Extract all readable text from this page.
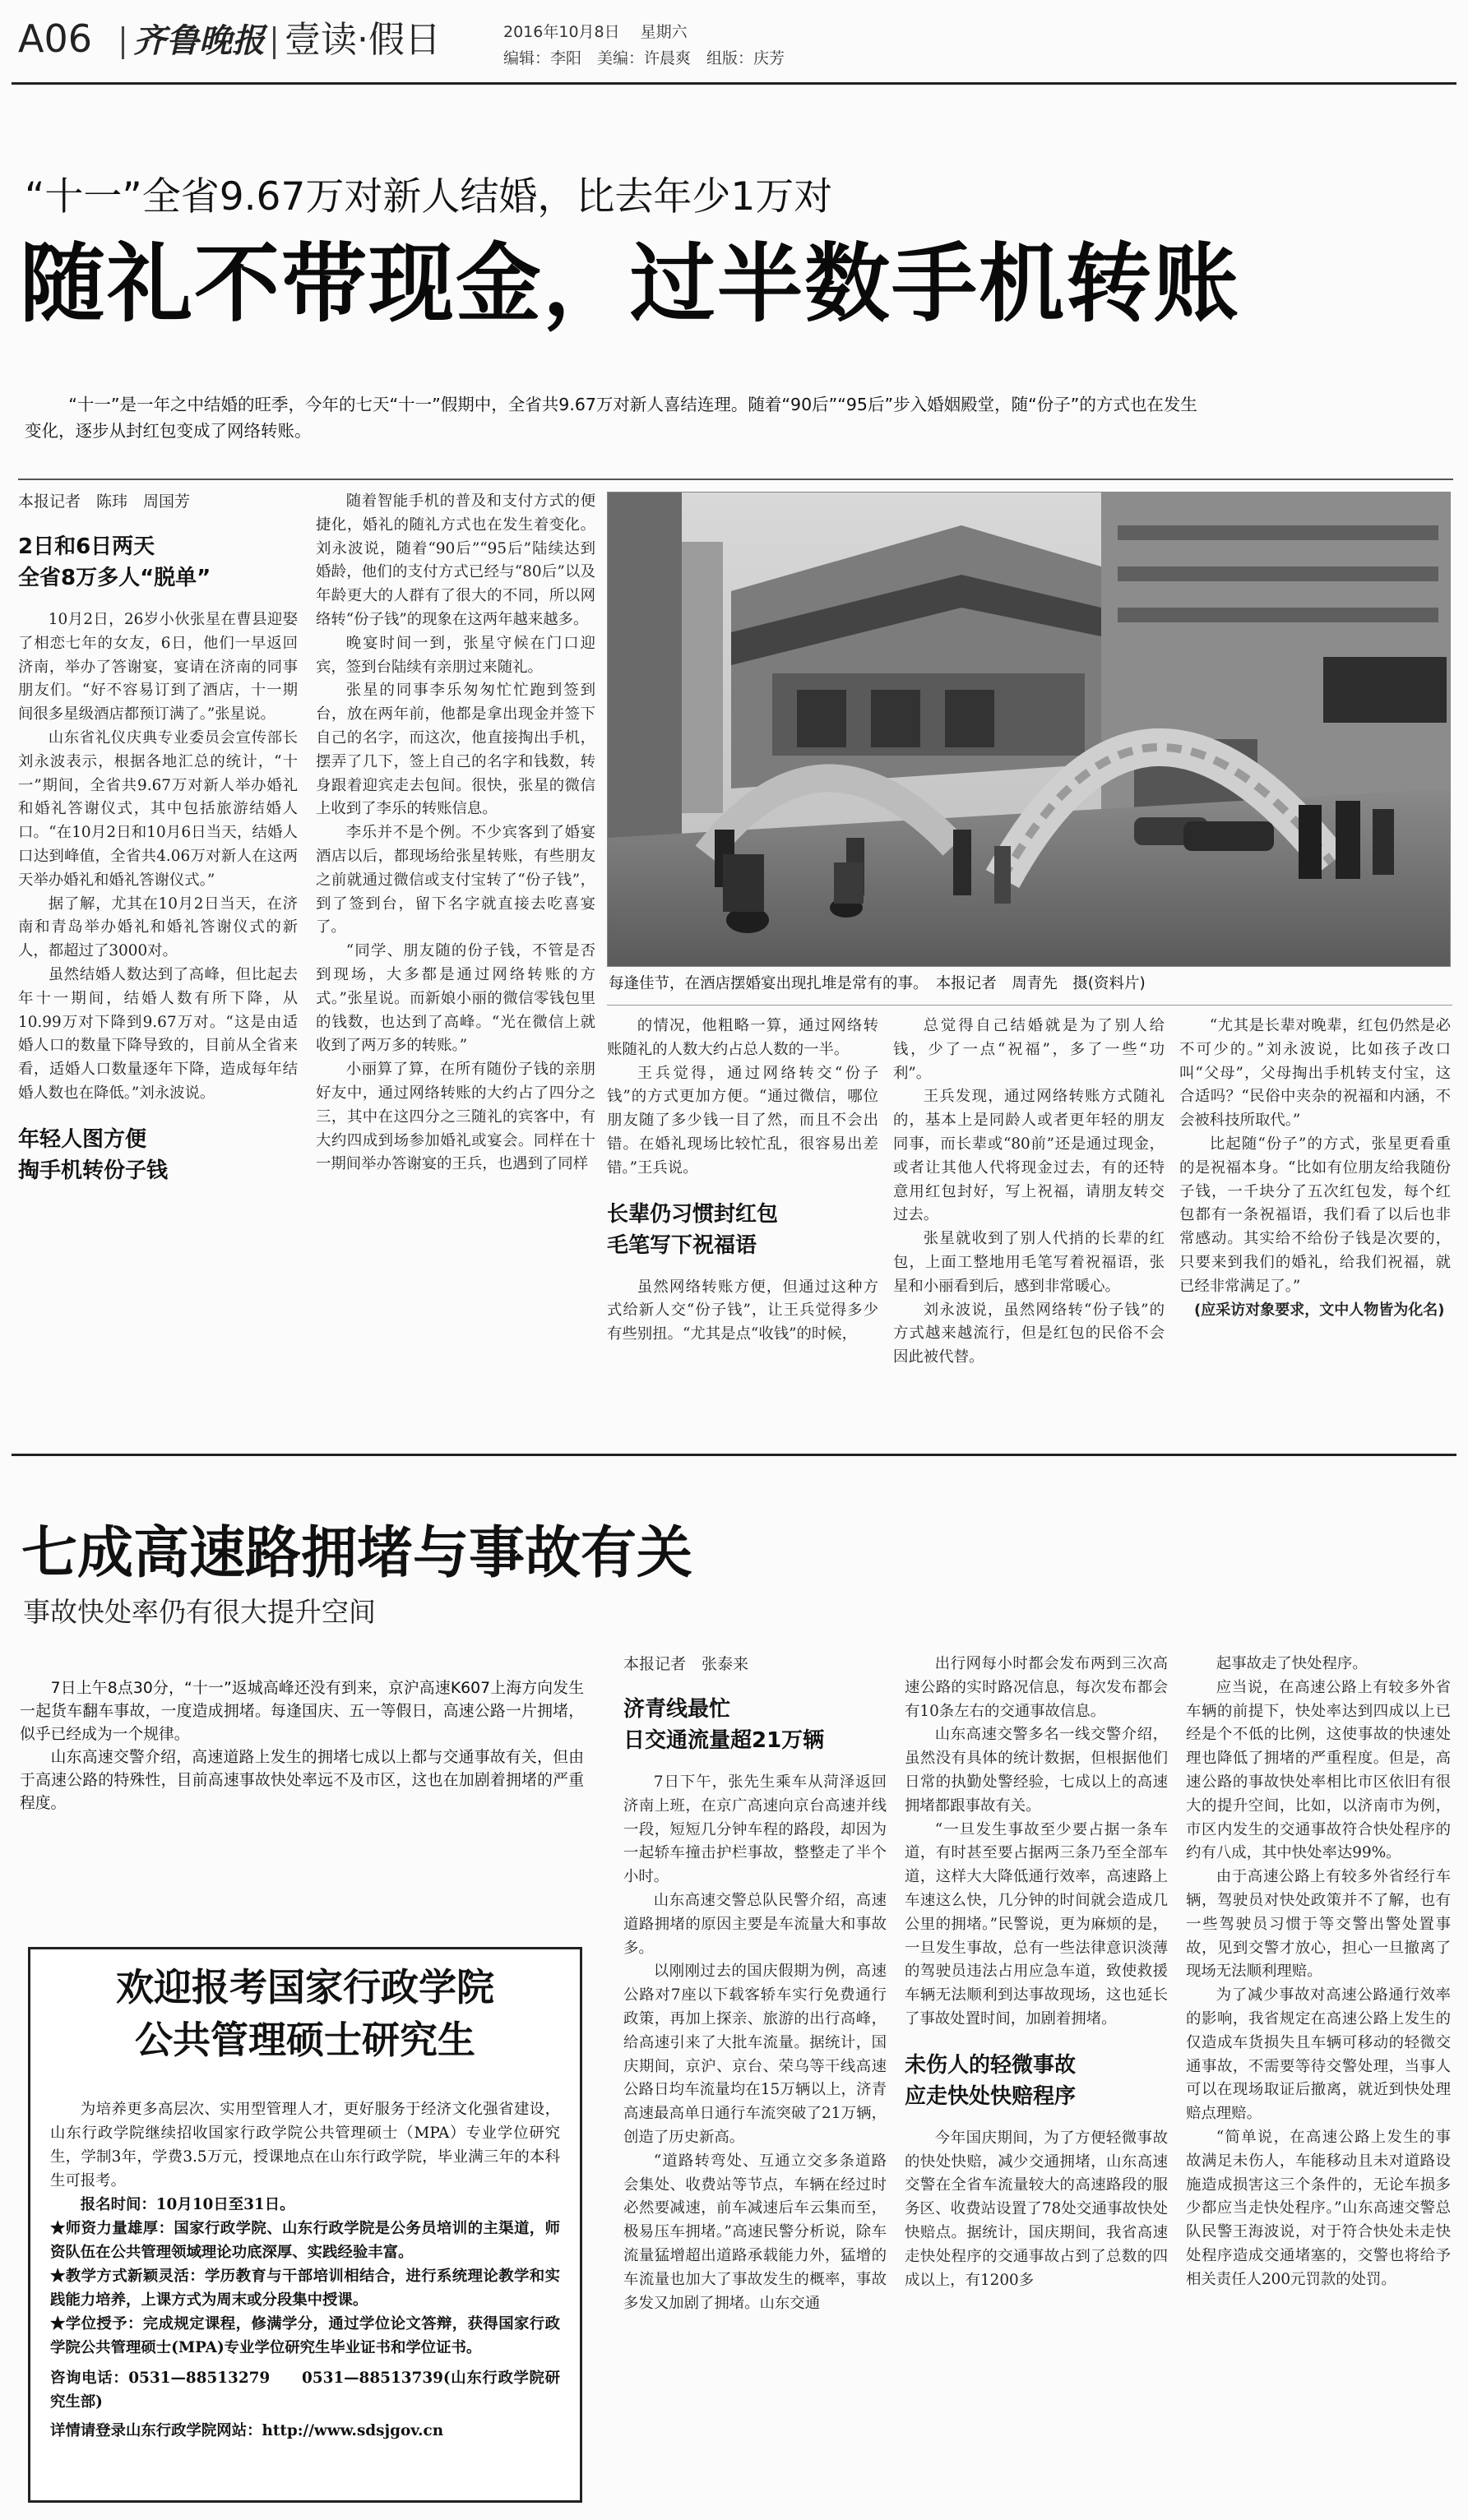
A06 齐鲁晚报 壹读·假日	2016年10月8日　 星期六
编辑：李阳　美编：许晨爽　组版：庆芳
“十一”全省9.67万对新人结婚，比去年少1万对
随礼不带现金，过半数手机转账
“十一”是一年之中结婚的旺季，今年的七天“十一”假期中，全省共9.67万对新人喜结连理。随着“90后”“95后”步入婚姻殿堂，随“份子”的方式也在发生变化，逐步从封红包变成了网络转账。
本报记者　陈玮　周国芳
2日和6日两天
全省8万多人“脱单”

10月2日，26岁小伙张星在曹县迎娶了相恋七年的女友，6日，他们一早返回济南，举办了答谢宴，宴请在济南的同事朋友们。“好不容易订到了酒店，十一期间很多星级酒店都预订满了。”张星说。

山东省礼仪庆典专业委员会宣传部长刘永波表示，根据各地汇总的统计，“十一”期间，全省共9.67万对新人举办婚礼和婚礼答谢仪式，其中包括旅游结婚人口。“在10月2日和10月6日当天，结婚人口达到峰值，全省共4.06万对新人在这两天举办婚礼和婚礼答谢仪式。”

据了解，尤其在10月2日当天，在济南和青岛举办婚礼和婚礼答谢仪式的新人，都超过了3000对。

虽然结婚人数达到了高峰，但比起去年十一期间，结婚人数有所下降，从10.99万对下降到9.67万对。“这是由适婚人口的数量下降导致的，目前从全省来看，适婚人口数量逐年下降，造成每年结婚人数也在降低。”刘永波说。

年轻人图方便
掏手机转份子钱

随着智能手机的普及和支付方式的便捷化，婚礼的随礼方式也在发生着变化。刘永波说，随着“90后”“95后”陆续达到婚龄，他们的支付方式已经与“80后”以及年龄更大的人群有了很大的不同，所以网络转“份子钱”的现象在这两年越来越多。

晚宴时间一到，张星守候在门口迎宾，签到台陆续有亲朋过来随礼。

张星的同事李乐匆匆忙忙跑到签到台，放在两年前，他都是拿出现金并签下自己的名字，而这次，他直接掏出手机，摆弄了几下，签上自己的名字和钱数，转身跟着迎宾走去包间。很快，张星的微信上收到了李乐的转账信息。

李乐并不是个例。不少宾客到了婚宴酒店以后，都现场给张星转账，有些朋友之前就通过微信或支付宝转了“份子钱”，到了签到台，留下名字就直接去吃喜宴了。

“同学、朋友随的份子钱，不管是否到现场，大多都是通过网络转账的方式。”张星说。而新娘小丽的微信零钱包里的钱数，也达到了高峰。“光在微信上就收到了两万多的转账。”

小丽算了算，在所有随份子钱的亲朋好友中，通过网络转账的大约占了四分之三，其中在这四分之三随礼的宾客中，有大约四成到场参加婚礼或宴会。同样在十一期间举办答谢宴的王兵，也遇到了同样

每逢佳节，在酒店摆婚宴出现扎堆是常有的事。　本报记者　周青先　摄(资料片)

的情况，他粗略一算，通过网络转账随礼的人数大约占总人数的一半。

王兵觉得，通过网络转交“份子钱”的方式更加方便。“通过微信，哪位朋友随了多少钱一目了然，而且不会出错。在婚礼现场比较忙乱，很容易出差错。”王兵说。

长辈仍习惯封红包
毛笔写下祝福语

虽然网络转账方便，但通过这种方式给新人交“份子钱”，让王兵觉得多少有些别扭。“尤其是点“收钱”的时候，

总觉得自己结婚就是为了别人给钱，少了一点“祝福”，多了一些“功利”。

王兵发现，通过网络转账方式随礼的，基本上是同龄人或者更年轻的朋友同事，而长辈或“80前”还是通过现金，或者让其他人代将现金过去，有的还特意用红包封好，写上祝福，请朋友转交过去。

张星就收到了别人代捎的长辈的红包，上面工整地用毛笔写着祝福语，张星和小丽看到后，感到非常暖心。

刘永波说，虽然网络转“份子钱”的方式越来越流行，但是红包的民俗不会因此被代替。

“尤其是长辈对晚辈，红包仍然是必不可少的。”刘永波说，比如孩子改口叫“父母”，父母掏出手机转支付宝，这合适吗？“民俗中夹杂的祝福和内涵，不会被科技所取代。”

比起随“份子”的方式，张星更看重的是祝福本身。“比如有位朋友给我随份子钱，一千块分了五次红包发，每个红包都有一条祝福语，我们看了以后也非常感动。其实给不给份子钱是次要的，只要来到我们的婚礼，给我们祝福，就已经非常满足了。”

(应采访对象要求，文中人物皆为化名)

七成高速路拥堵与事故有关
事故快处率仍有很大提升空间

7日上午8点30分，“十一”返城高峰还没有到来，京沪高速K607上海方向发生一起货车翻车事故，一度造成拥堵。每逢国庆、五一等假日，高速公路一片拥堵，似乎已经成为一个规律。

山东高速交警介绍，高速道路上发生的拥堵七成以上都与交通事故有关，但由于高速公路的特殊性，目前高速事故快处率远不及市区，这也在加剧着拥堵的严重程度。

欢迎报考国家行政学院
公共管理硕士研究生

为培养更多高层次、实用型管理人才，更好服务于经济文化强省建设，山东行政学院继续招收国家行政学院公共管理硕士（MPA）专业学位研究生，学制3年，学费3.5万元，授课地点在山东行政学院，毕业满三年的本科生可报考。

报名时间：10月10日至31日。

★师资力量雄厚：国家行政学院、山东行政学院是公务员培训的主渠道，师资队伍在公共管理领域理论功底深厚、实践经验丰富。

★教学方式新颖灵活：学历教育与干部培训相结合，进行系统理论教学和实践能力培养，上课方式为周末或分段集中授课。

★学位授予：完成规定课程，修满学分，通过学位论文答辩，获得国家行政学院公共管理硕士(MPA)专业学位研究生毕业证书和学位证书。

咨询电话：0531—88513279　　0531—88513739(山东行政学院研究生部)

详情请登录山东行政学院网站：http://www.sdsjgov.cn

本报记者　张泰来
济青线最忙
日交通流量超21万辆

7日下午，张先生乘车从菏泽返回济南上班，在京广高速向京台高速并线一段，短短几分钟车程的路段，却因为一起轿车撞击护栏事故，整整走了半个小时。

山东高速交警总队民警介绍，高速道路拥堵的原因主要是车流量大和事故多。

以刚刚过去的国庆假期为例，高速公路对7座以下载客轿车实行免费通行政策，再加上探亲、旅游的出行高峰，给高速引来了大批车流量。据统计，国庆期间，京沪、京台、荣乌等干线高速公路日均车流量均在15万辆以上，济青高速最高单日通行车流突破了21万辆，创造了历史新高。

“道路转弯处、互通立交多条道路会集处、收费站等节点，车辆在经过时必然要减速，前车减速后车云集而至，极易压车拥堵。”高速民警分析说，除车流量猛增超出道路承载能力外，猛增的车流量也加大了事故发生的概率，事故多发又加剧了拥堵。山东交通

出行网每小时都会发布两到三次高速公路的实时路况信息，每次发布都会有10条左右的交通事故信息。

山东高速交警多名一线交警介绍，虽然没有具体的统计数据，但根据他们日常的执勤处警经验，七成以上的高速拥堵都跟事故有关。

“一旦发生事故至少要占据一条车道，有时甚至要占据两三条乃至全部车道，这样大大降低通行效率，高速路上车速这么快，几分钟的时间就会造成几公里的拥堵。”民警说，更为麻烦的是，一旦发生事故，总有一些法律意识淡薄的驾驶员违法占用应急车道，致使救援车辆无法顺利到达事故现场，这也延长了事故处置时间，加剧着拥堵。

未伤人的轻微事故
应走快处快赔程序

今年国庆期间，为了方便轻微事故的快处快赔，减少交通拥堵，山东高速交警在全省车流量较大的高速路段的服务区、收费站设置了78处交通事故快处快赔点。据统计，国庆期间，我省高速走快处程序的交通事故占到了总数的四成以上，有1200多

起事故走了快处程序。

应当说，在高速公路上有较多外省车辆的前提下，快处率达到四成以上已经是个不低的比例，这使事故的快速处理也降低了拥堵的严重程度。但是，高速公路的事故快处率相比市区依旧有很大的提升空间，比如，以济南市为例，市区内发生的交通事故符合快处程序的约有八成，其中快处率达99%。

由于高速公路上有较多外省经行车辆，驾驶员对快处政策并不了解，也有一些驾驶员习惯于等交警出警处置事故，见到交警才放心，担心一旦撤离了现场无法顺利理赔。

为了减少事故对高速公路通行效率的影响，我省规定在高速公路上发生的仅造成车货损失且车辆可移动的轻微交通事故，不需要等待交警处理，当事人可以在现场取证后撤离，就近到快处理赔点理赔。

“简单说，在高速公路上发生的事故满足未伤人，车能移动且未对道路设施造成损害这三个条件的，无论车损多少都应当走快处程序。”山东高速交警总队民警王海波说，对于符合快处未走快处程序造成交通堵塞的，交警也将给予相关责任人200元罚款的处罚。
